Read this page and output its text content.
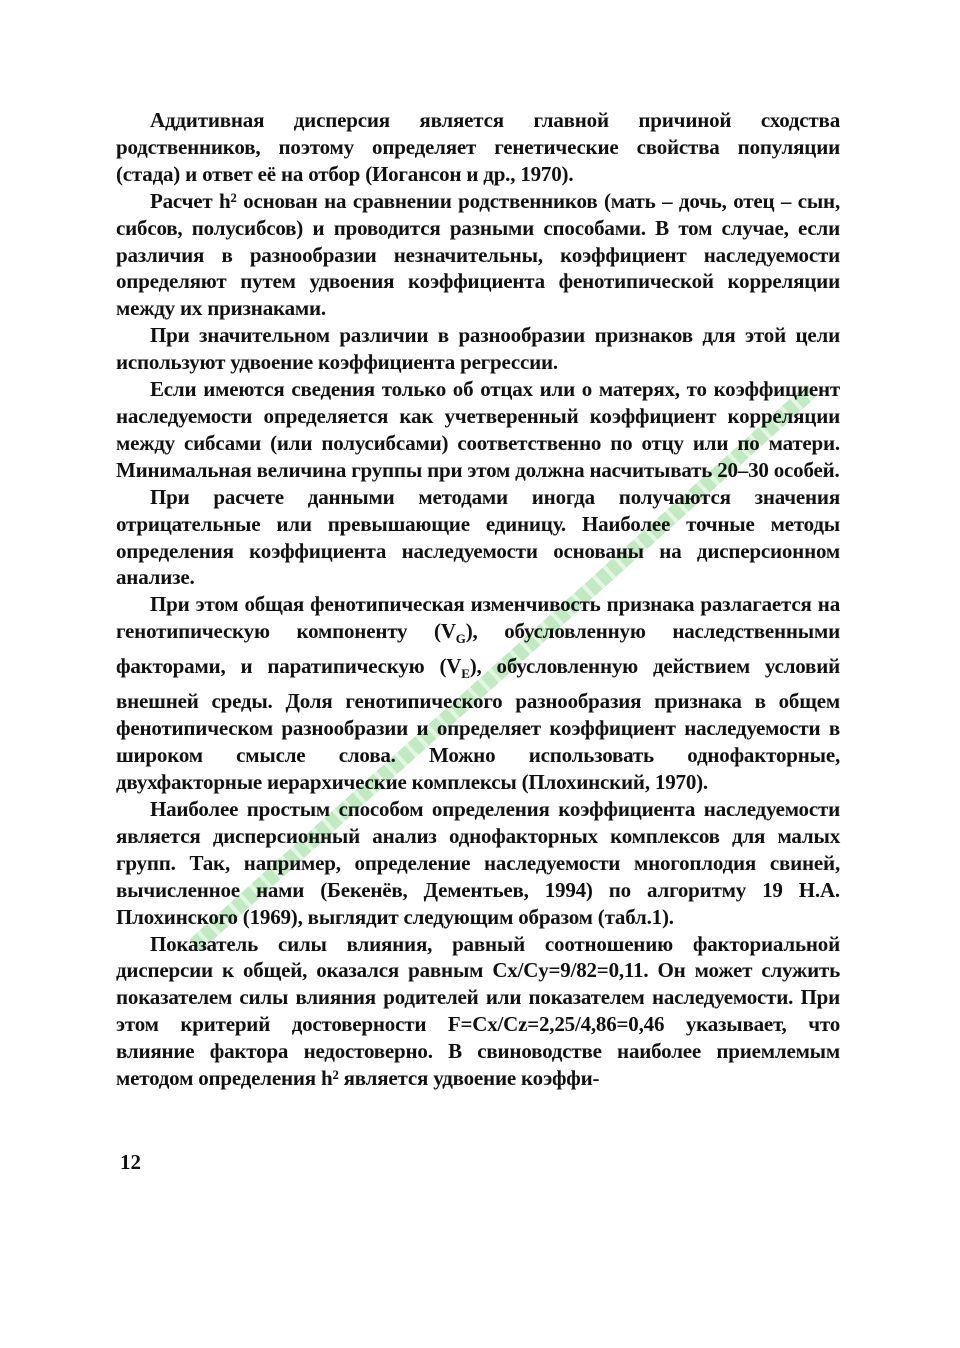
Аддитивная дисперсия является главной причиной сходства родственников, поэтому определяет генетические свойства популяции (стада) и ответ её на отбор (Иогансон и др., 1970).

Расчет h² основан на сравнении родственников (мать – дочь, отец – сын, сибсов, полусибсов) и проводится разными способами. В том случае, если различия в разнообразии незначительны, коэффициент наследуемости определяют путем удвоения коэффициента фенотипической корреляции между их признаками.

При значительном различии в разнообразии признаков для этой цели используют удвоение коэффициента регрессии.

Если имеются сведения только об отцах или о матерях, то коэффициент наследуемости определяется как учетверенный коэффициент корреляции между сибсами (или полусибсами) соответственно по отцу или по матери. Минимальная величина группы при этом должна насчитывать 20–30 особей.

При расчете данными методами иногда получаются значения отрицательные или превышающие единицу. Наиболее точные методы определения коэффициента наследуемости основаны на дисперсионном анализе.

При этом общая фенотипическая изменчивость признака разлагается на генотипическую компоненту $(V_G)$, обусловленную наследственными факторами, и паратипическую $(V_E)$, обусловленную действием условий внешней среды. Доля генотипического разнообразия признака в общем фенотипическом разнообразии и определяет коэффициент наследуемости в широком смысле слова. Можно использовать однофакторные, двухфакторные иерархические комплексы (Плохинский, 1970).

Наиболее простым способом определения коэффициента наследуемости является дисперсионный анализ однофакторных комплексов для малых групп. Так, например, определение наследуемости многоплодия свиней, вычисленное нами (Бекенёв, Дементьев, 1994) по алгоритму 19 Н.А. Плохинского (1969), выглядит следующим образом (табл.1).

Показатель силы влияния, равный соотношению факториальной дисперсии к общей, оказался равным Cx/Cy=9/82=0,11. Он может служить показателем силы влияния родителей или показателем наследуемости. При этом критерий достоверности F=Cx/Cz=2,25/4,86=0,46 указывает, что влияние фактора недостоверно. В свиноводстве наиболее приемлемым методом определения h² является удвоение коэффи-

12
